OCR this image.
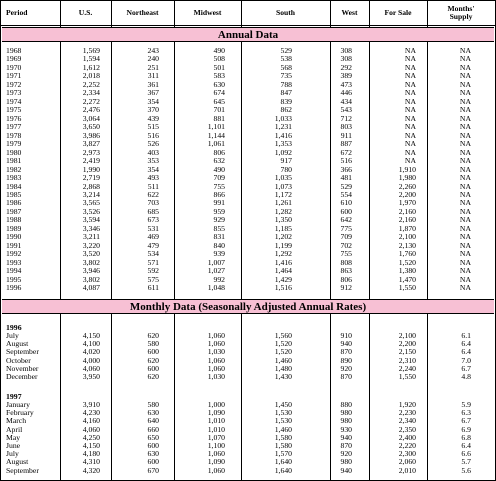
Period	U.S.	Northeast	Midwest	South	West	For Sale	Months'
Supply
Annual Data
1968	1,569	243	490	529	308	NA	NA
1969	1,594	240	508	538	308	NA	NA
1970	1,612	251	501	568	292	NA	NA
1971	2,018	311	583	735	389	NA	NA
1972	2,252	361	630	788	473	NA	NA
1973	2,334	367	674	847	446	NA	NA
1974	2,272	354	645	839	434	NA	NA
1975	2,476	370	701	862	543	NA	NA
1976	3,064	439	881	1,033	712	NA	NA
1977	3,650	515	1,101	1,231	803	NA	NA
1978	3,986	516	1,144	1,416	911	NA	NA
1979	3,827	526	1,061	1,353	887	NA	NA
1980	2,973	403	806	1,092	672	NA	NA
1981	2,419	353	632	917	516	NA	NA
1982	1,990	354	490	780	366	1,910	NA
1983	2,719	493	709	1,035	481	1,980	NA
1984	2,868	511	755	1,073	529	2,260	NA
1985	3,214	622	866	1,172	554	2,200	NA
1986	3,565	703	991	1,261	610	1,970	NA
1987	3,526	685	959	1,282	600	2,160	NA
1988	3,594	673	929	1,350	642	2,160	NA
1989	3,346	531	855	1,185	775	1,870	NA
1990	3,211	469	831	1,202	709	2,100	NA
1991	3,220	479	840	1,199	702	2,130	NA
1992	3,520	534	939	1,292	755	1,760	NA
1993	3,802	571	1,007	1,416	808	1,520	NA
1994	3,946	592	1,027	1,464	863	1,380	NA
1995	3,802	575	992	1,429	806	1,470	NA
1996	4,087	611	1,048	1,516	912	1,550	NA
Monthly Data (Seasonally Adjusted Annual Rates)
1996
July	4,150	620	1,060	1,560	910	2,100	6.1
August	4,100	580	1,060	1,520	940	2,200	6.4
September	4,020	600	1,030	1,520	870	2,150	6.4
October	4,000	620	1,060	1,460	890	2,310	7.0
November	4,060	600	1,060	1,480	920	2,240	6.7
December	3,950	620	1,030	1,430	870	1,550	4.8
1997
January	3,910	580	1,000	1,450	880	1,920	5.9
February	4,230	630	1,090	1,530	980	2,230	6.3
March	4,160	640	1,010	1,530	980	2,340	6.7
April	4,060	660	1,010	1,460	930	2,350	6.9
May	4,250	650	1,070	1,580	940	2,400	6.8
June	4,150	600	1,100	1,580	870	2,220	6.4
July	4,180	630	1,060	1,570	920	2,300	6.6
August	4,310	600	1,090	1,640	980	2,060	5.7
September	4,320	670	1,060	1,640	940	2,010	5.6
